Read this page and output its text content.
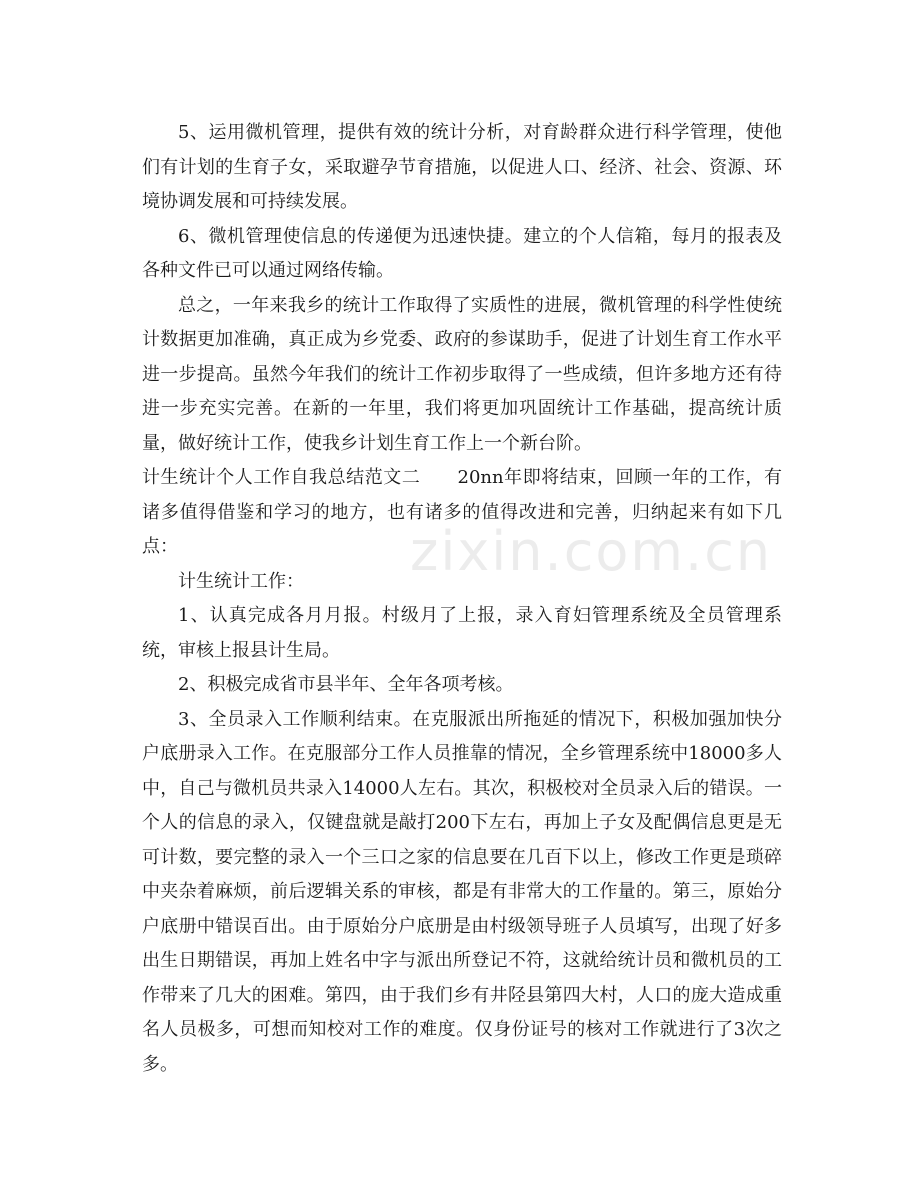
5、运用微机管理，提供有效的统计分析，对育龄群众进行科学管理，使他们有计划的生育子女，采取避孕节育措施，以促进人口、经济、社会、资源、环境协调发展和可持续发展。

6、微机管理使信息的传递便为迅速快捷。建立的个人信箱，每月的报表及各种文件已可以通过网络传输。

总之，一年来我乡的统计工作取得了实质性的进展，微机管理的科学性使统计数据更加准确，真正成为乡党委、政府的参谋助手，促进了计划生育工作水平进一步提高。虽然今年我们的统计工作初步取得了一些成绩，但许多地方还有待进一步充实完善。在新的一年里，我们将更加巩固统计工作基础，提高统计质量，做好统计工作，使我乡计划生育工作上一个新台阶。

计生统计个人工作自我总结范文二　　20nn年即将结束，回顾一年的工作，有诸多值得借鉴和学习的地方，也有诸多的值得改进和完善，归纳起来有如下几点：

计生统计工作：

1、认真完成各月月报。村级月了上报，录入育妇管理系统及全员管理系统，审核上报县计生局。

2、积极完成省市县半年、全年各项考核。

3、全员录入工作顺利结束。在克服派出所拖延的情况下，积极加强加快分户底册录入工作。在克服部分工作人员推靠的情况，全乡管理系统中18000多人中，自己与微机员共录入14000人左右。其次，积极校对全员录入后的错误。一个人的信息的录入，仅键盘就是敲打200下左右，再加上子女及配偶信息更是无可计数，要完整的录入一个三口之家的信息要在几百下以上，修改工作更是琐碎中夹杂着麻烦，前后逻辑关系的审核，都是有非常大的工作量的。第三，原始分户底册中错误百出。由于原始分户底册是由村级领导班子人员填写，出现了好多出生日期错误，再加上姓名中字与派出所登记不符，这就给统计员和微机员的工作带来了几大的困难。第四，由于我们乡有井陉县第四大村，人口的庞大造成重名人员极多，可想而知校对工作的难度。仅身份证号的核对工作就进行了3次之多。

zixin.com.cn
